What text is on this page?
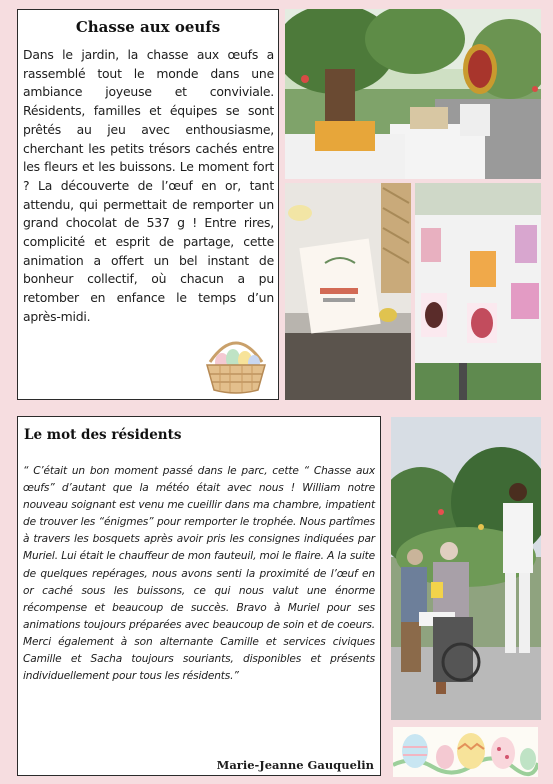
Chasse aux oeufs
Dans le jardin, la chasse aux œufs a rassemblé tout le monde dans une ambiance joyeuse et conviviale. Résidents, familles et équipes se sont prêtés au jeu avec enthousiasme, cherchant les petits trésors cachés entre les fleurs et les buissons. Le moment fort ? La découverte de l’œuf en or, tant attendu, qui permettait de remporter un grand chocolat de 537 g ! Entre rires, complicité et esprit de partage, cette animation a offert un bel instant de bonheur collectif, où chacun a pu retomber en enfance le temps d’un après-midi.
Le mot des résidents
“ C’était un bon moment passé dans le parc, cette “ Chasse aux œufs” d’autant que la météo était avec nous ! William notre nouveau soignant est venu me cueillir dans ma chambre, impatient de trouver les “énigmes” pour remporter le trophée. Nous partîmes à travers les bosquets après avoir pris les consignes indiquées par Muriel. Lui était le chauffeur de mon fauteuil, moi le flaire. A la suite de quelques repérages, nous avons senti la proximité de l’œuf en or caché sous les buissons, ce qui nous valut une énorme récompense et beaucoup de succès. Bravo à Muriel pour ses animations toujours préparées avec beaucoup de soin et de coeurs. Merci également à son alternante Camille et services civiques Camille et Sacha toujours souriants, disponibles et présents individuellement pour tous les résidents.”
Marie-Jeanne Gauquelin
